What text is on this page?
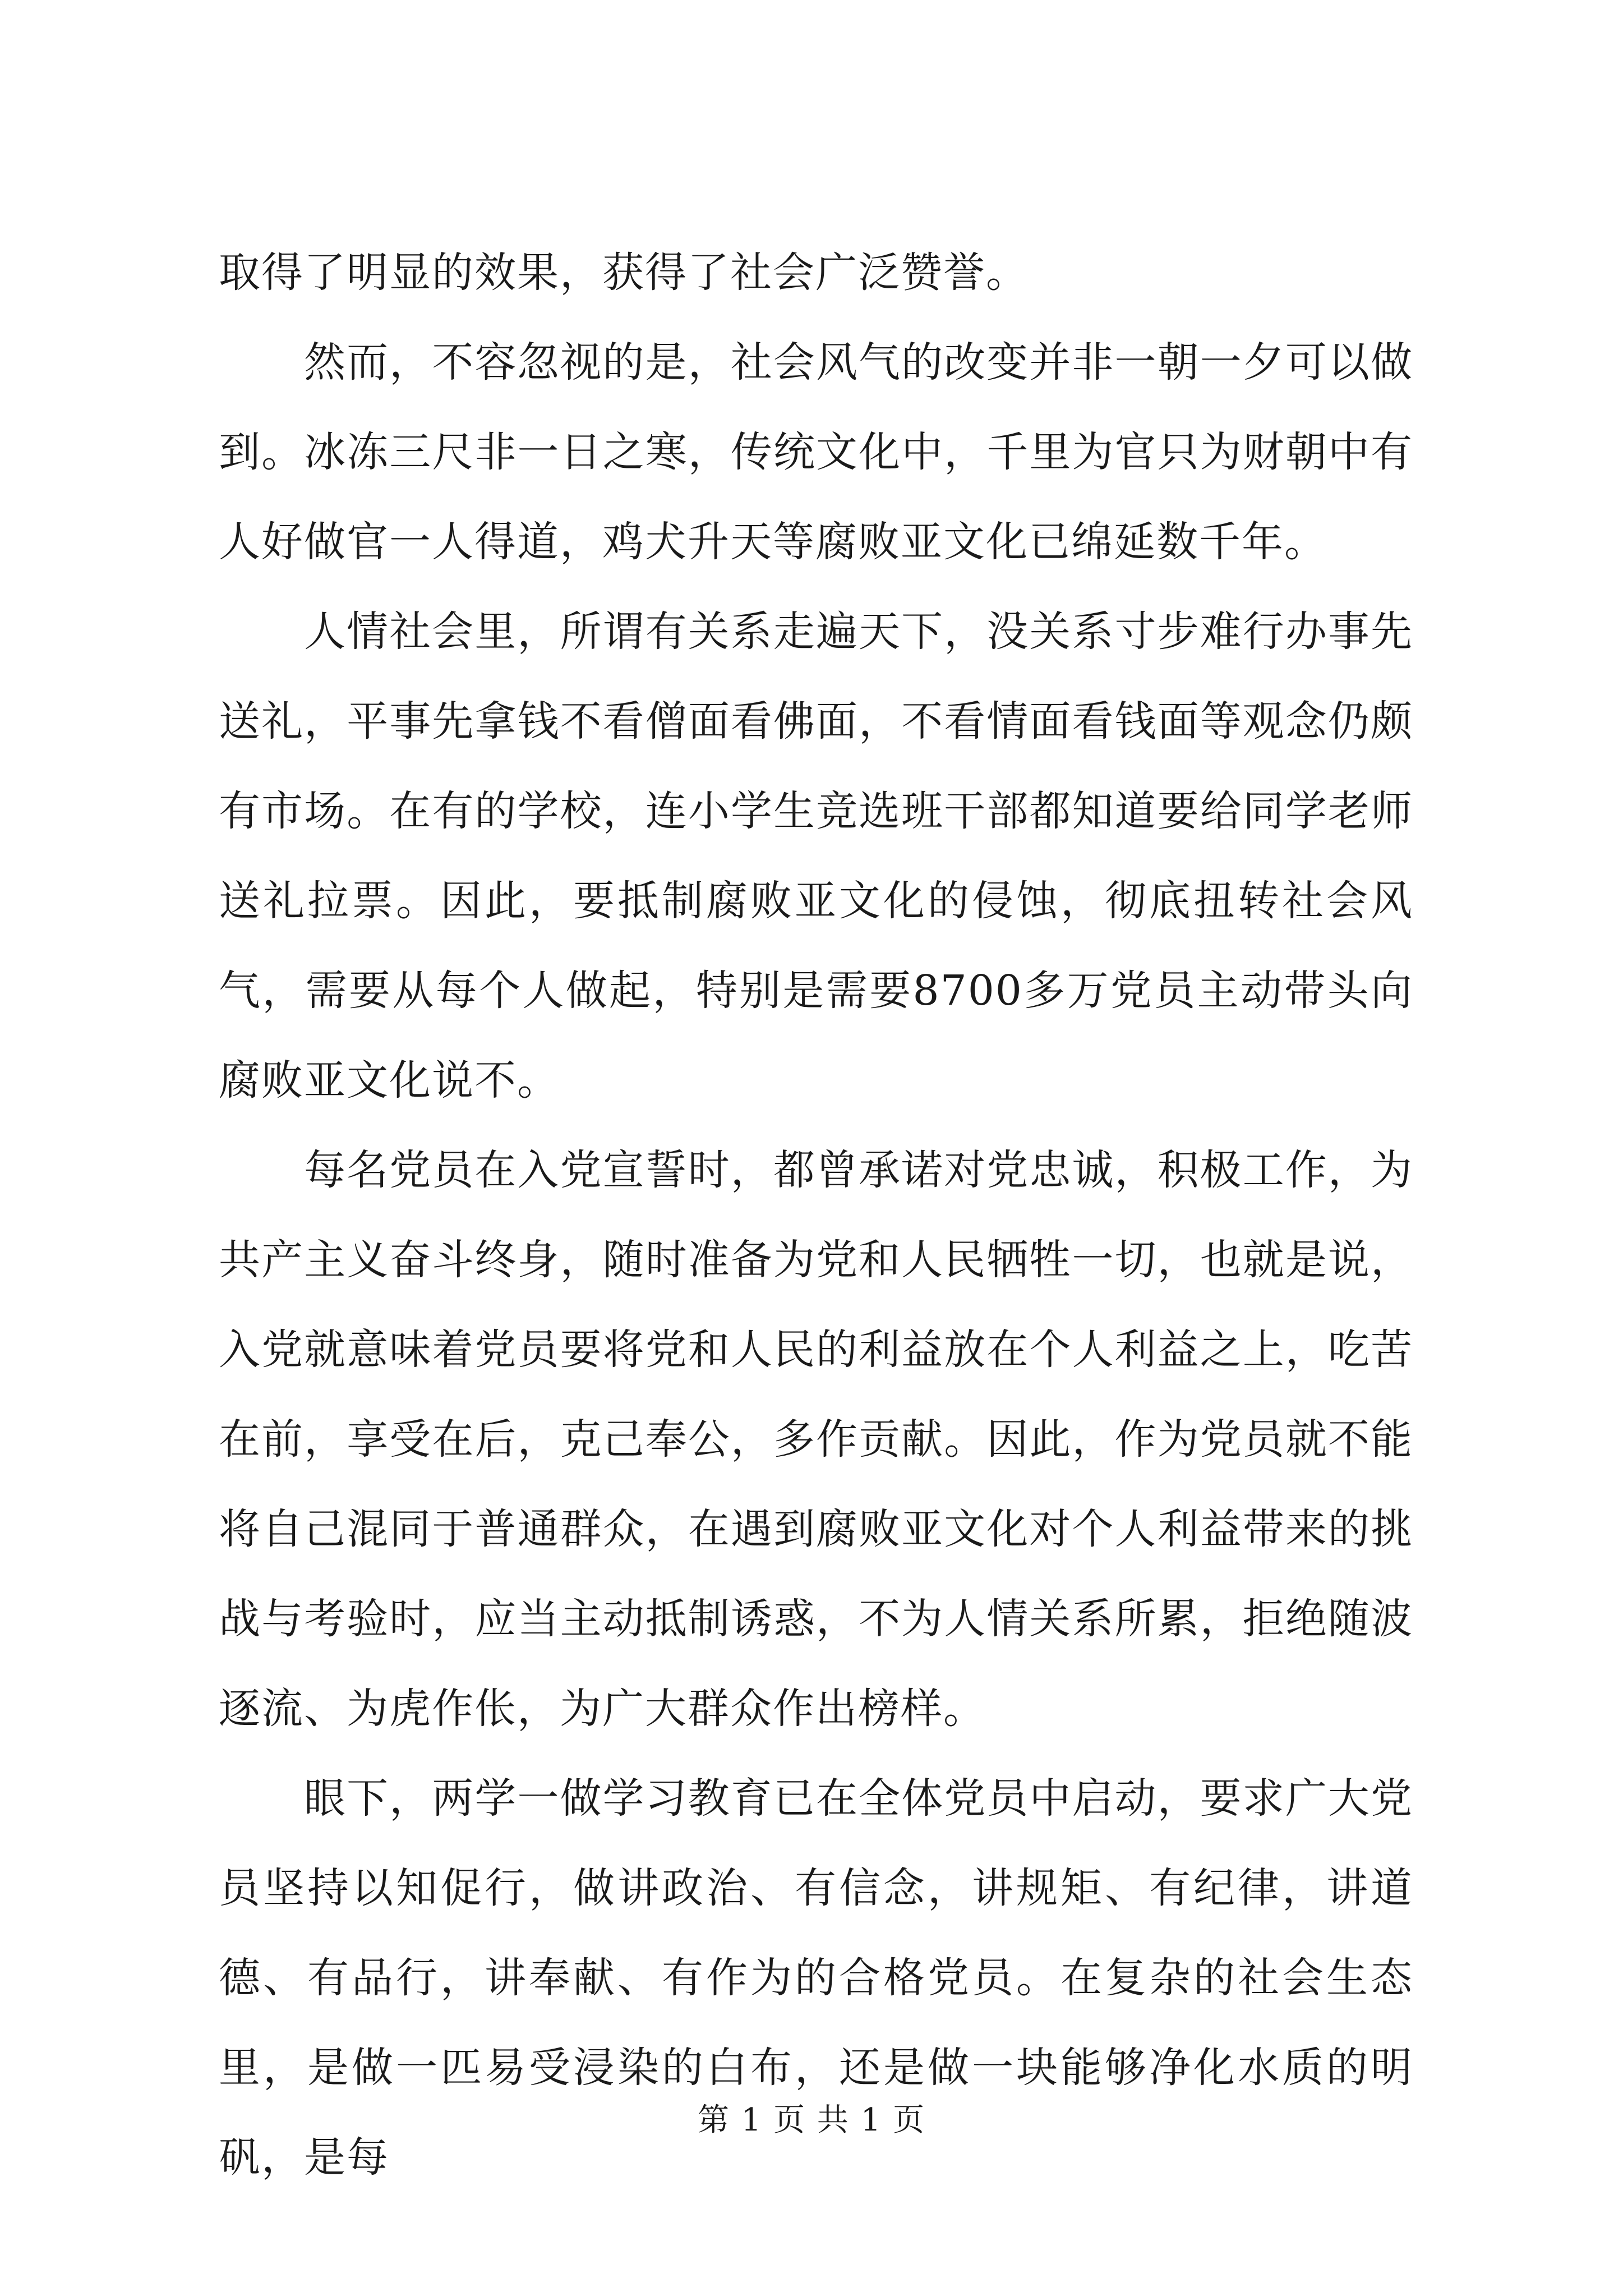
取得了明显的效果，获得了社会广泛赞誉。

然而，不容忽视的是，社会风气的改变并非一朝一夕可以做到。冰冻三尺非一日之寒，传统文化中，千里为官只为财朝中有人好做官一人得道，鸡犬升天等腐败亚文化已绵延数千年。

人情社会里，所谓有关系走遍天下，没关系寸步难行办事先送礼，平事先拿钱不看僧面看佛面，不看情面看钱面等观念仍颇有市场。在有的学校，连小学生竞选班干部都知道要给同学老师送礼拉票。因此，要抵制腐败亚文化的侵蚀，彻底扭转社会风气，需要从每个人做起，特别是需要8700多万党员主动带头向腐败亚文化说不。

每名党员在入党宣誓时，都曾承诺对党忠诚，积极工作，为共产主义奋斗终身，随时准备为党和人民牺牲一切，也就是说，入党就意味着党员要将党和人民的利益放在个人利益之上，吃苦在前，享受在后，克己奉公，多作贡献。因此，作为党员就不能将自己混同于普通群众，在遇到腐败亚文化对个人利益带来的挑战与考验时，应当主动抵制诱惑，不为人情关系所累，拒绝随波逐流、为虎作伥，为广大群众作出榜样。

眼下，两学一做学习教育已在全体党员中启动，要求广大党员坚持以知促行，做讲政治、有信念，讲规矩、有纪律，讲道德、有品行，讲奉献、有作为的合格党员。在复杂的社会生态里，是做一匹易受浸染的白布，还是做一块能够净化水质的明矾，是每

第 1 页 共 1 页
